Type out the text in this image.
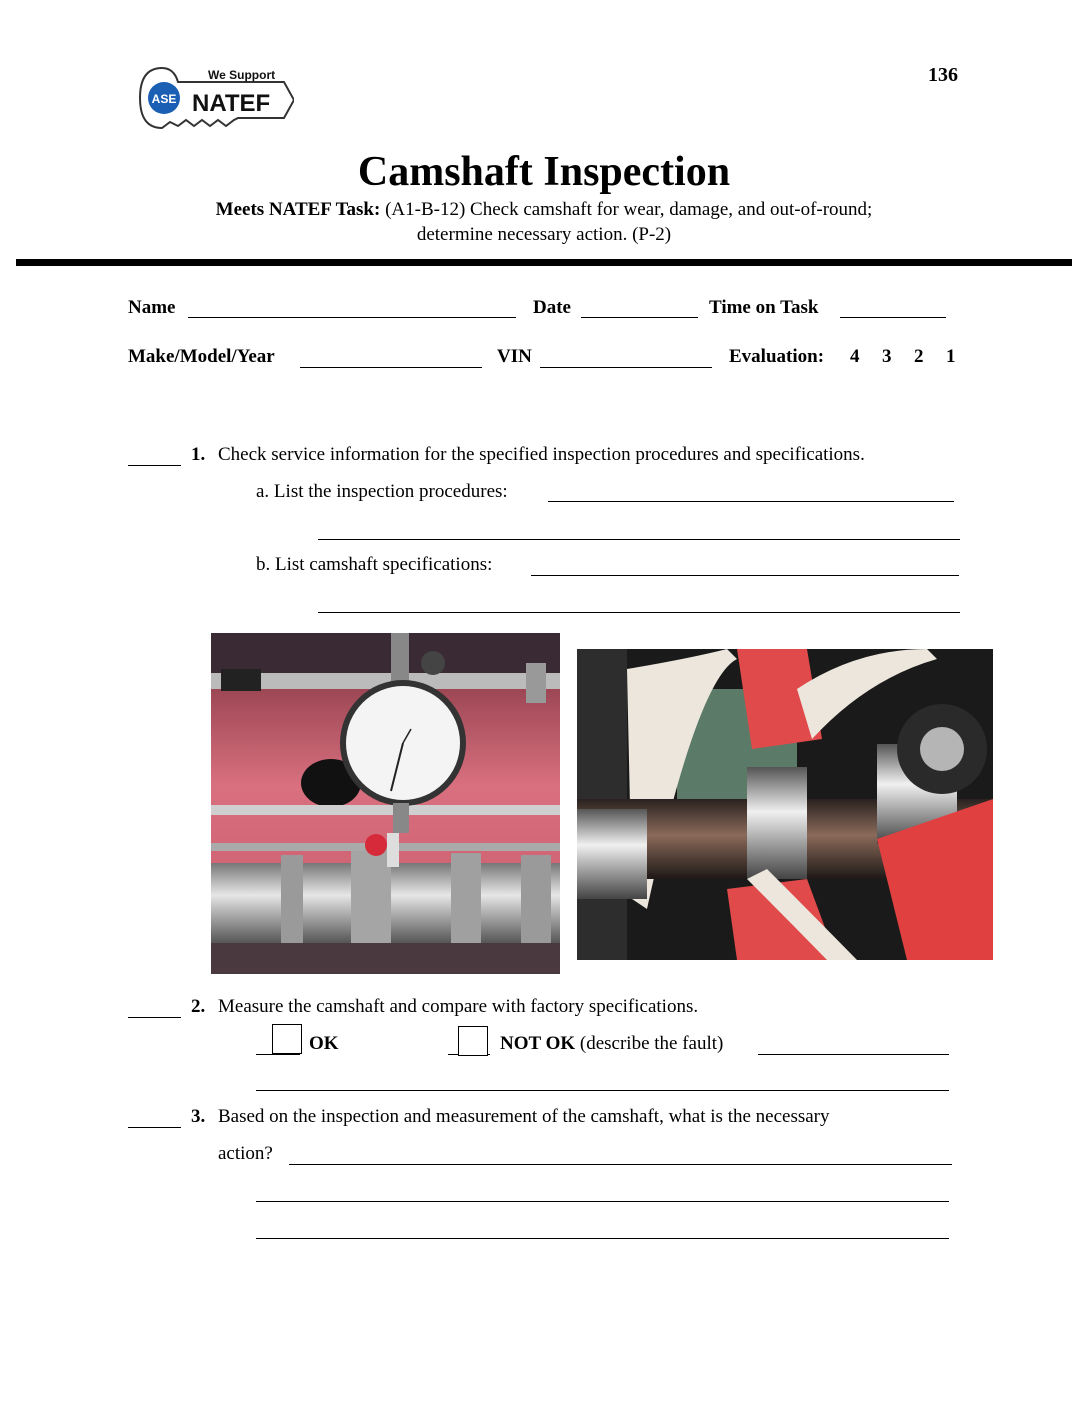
ASE NATEF
We Support	136
Camshaft Inspection
Meets NATEF Task: (A1-B-12) Check camshaft for wear, damage, and out-of-round;
determine necessary action. (P-2)
Name	Date	Time on Task
Make/Model/Year	VIN	Evaluation: 4 3 2 1
1. Check service information for the specified inspection procedures and specifications.
a. List the inspection procedures:
b. List camshaft specifications:
2. Measure the camshaft and compare with factory specifications.
OK	NOT OK (describe the fault)
3. Based on the inspection and measurement of the camshaft, what is the necessary
action?
